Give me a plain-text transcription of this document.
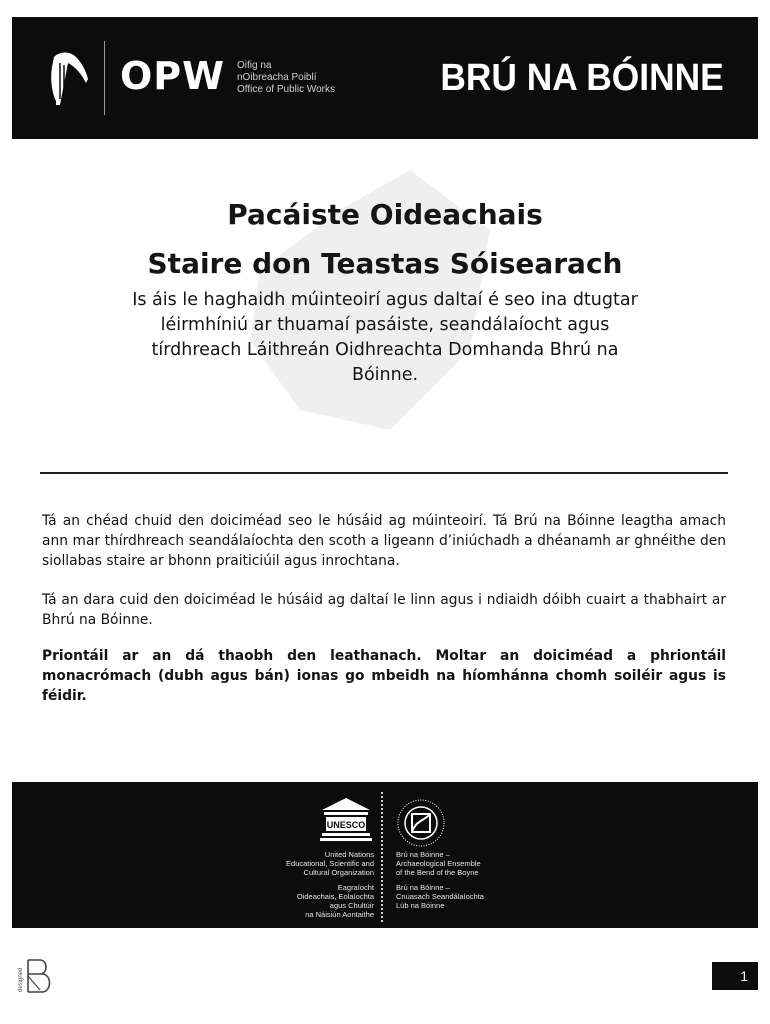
OPW Oifig na
nOibreacha Poiblí
Office of Public Works	BRÚ NA BÓINNE
Pacáiste Oideachais
Staire don Teastas Sóisearach
Is áis le haghaidh múinteoirí agus daltaí é seo ina dtugtar léirmhíniú ar thuamaí pasáiste, seandálaíocht agus tírdhreach Láithreán Oidhreachta Domhanda Bhrú na Bóinne.
Tá an chéad chuid den doiciméad seo le húsáid ag múinteoirí. Tá Brú na Bóinne leagtha amach ann mar thírdhreach seandálaíochta den scoth a ligeann d’iniúchadh a dhéanamh ar ghnéithe den siollabas staire ar bhonn praiticiúil agus inrochtana.
Tá an dara cuid den doiciméad le húsáid ag daltaí le linn agus i ndiaidh dóibh cuairt a thabhairt ar Bhrú na Bóinne.
Priontáil ar an dá thaobh den leathanach. Moltar an doiciméad a phriontáil monacrómach (dubh agus bán) ionas go mbeidh na híomhánna chomh soiléir agus is féidir.
UNESCO
United Nations
Educational, Scientific and
Cultural Organization
Brú na Bóinne –
Archaeological Ensemble
of the Bend of the Boyne
Eagraíocht
Oideachais, Eolaíochta
agus Chultúir
na Náisiún Aontaithe
Brú na Bóinne –
Cnuasach Seandálaíochta
Lúb na Bóinne
designed	1
